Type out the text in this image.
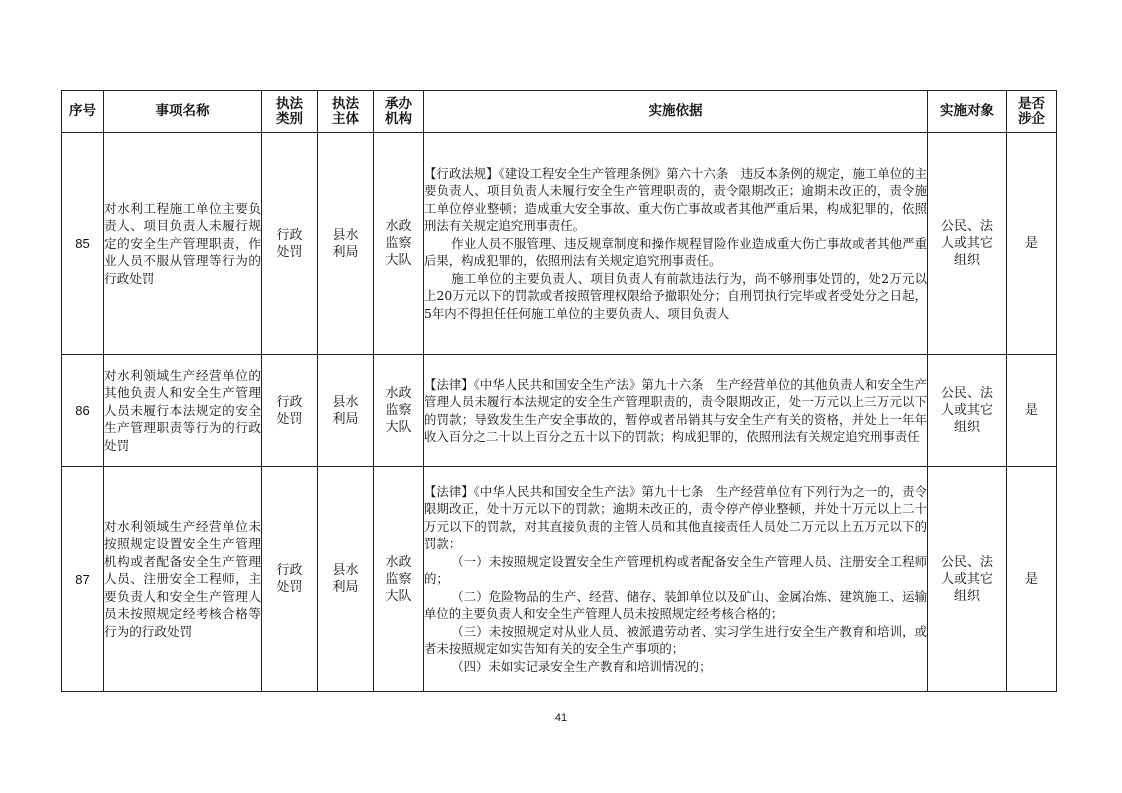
序号	事项名称	执法类别	执法主体	承办机构	实施依据	实施对象	是否涉企
85	对水利工程施工单位主要负责人、项目负责人未履行规定的安全生产管理职责，作业人员不服从管理等行为的行政处罚	行政处罚	县水利局	水政监察大队	【行政法规】《建设工程安全生产管理条例》第六十六条　违反本条例的规定，施工单位的主要负责人、项目负责人未履行安全生产管理职责的，责令限期改正；逾期未改正的，责令施工单位停业整顿；造成重大安全事故、重大伤亡事故或者其他严重后果，构成犯罪的，依照刑法有关规定追究刑事责任。

作业人员不服管理、违反规章制度和操作规程冒险作业造成重大伤亡事故或者其他严重后果，构成犯罪的，依照刑法有关规定追究刑事责任。

施工单位的主要负责人、项目负责人有前款违法行为，尚不够刑事处罚的，处2万元以上20万元以下的罚款或者按照管理权限给予撤职处分；自刑罚执行完毕或者受处分之日起，5年内不得担任任何施工单位的主要负责人、项目负责人	公民、法人或其它组织	是
86	对水利领域生产经营单位的其他负责人和安全生产管理人员未履行本法规定的安全生产管理职责等行为的行政处罚	行政处罚	县水利局	水政监察大队	【法律】《中华人民共和国安全生产法》第九十六条　生产经营单位的其他负责人和安全生产管理人员未履行本法规定的安全生产管理职责的，责令限期改正，处一万元以上三万元以下的罚款；导致发生生产安全事故的，暂停或者吊销其与安全生产有关的资格，并处上一年年收入百分之二十以上百分之五十以下的罚款；构成犯罪的，依照刑法有关规定追究刑事责任	公民、法人或其它组织	是
87	对水利领域生产经营单位未按照规定设置安全生产管理机构或者配备安全生产管理人员、注册安全工程师，主要负责人和安全生产管理人员未按照规定经考核合格等行为的行政处罚	行政处罚	县水利局	水政监察大队	【法律】《中华人民共和国安全生产法》第九十七条　生产经营单位有下列行为之一的，责令限期改正，处十万元以下的罚款；逾期未改正的，责令停产停业整顿，并处十万元以上二十万元以下的罚款，对其直接负责的主管人员和其他直接责任人员处二万元以上五万元以下的罚款：

（一）未按照规定设置安全生产管理机构或者配备安全生产管理人员、注册安全工程师的；

（二）危险物品的生产、经营、储存、装卸单位以及矿山、金属冶炼、建筑施工、运输单位的主要负责人和安全生产管理人员未按照规定经考核合格的；

（三）未按照规定对从业人员、被派遣劳动者、实习学生进行安全生产教育和培训，或者未按照规定如实告知有关的安全生产事项的；

（四）未如实记录安全生产教育和培训情况的；	公民、法人或其它组织	是
41
